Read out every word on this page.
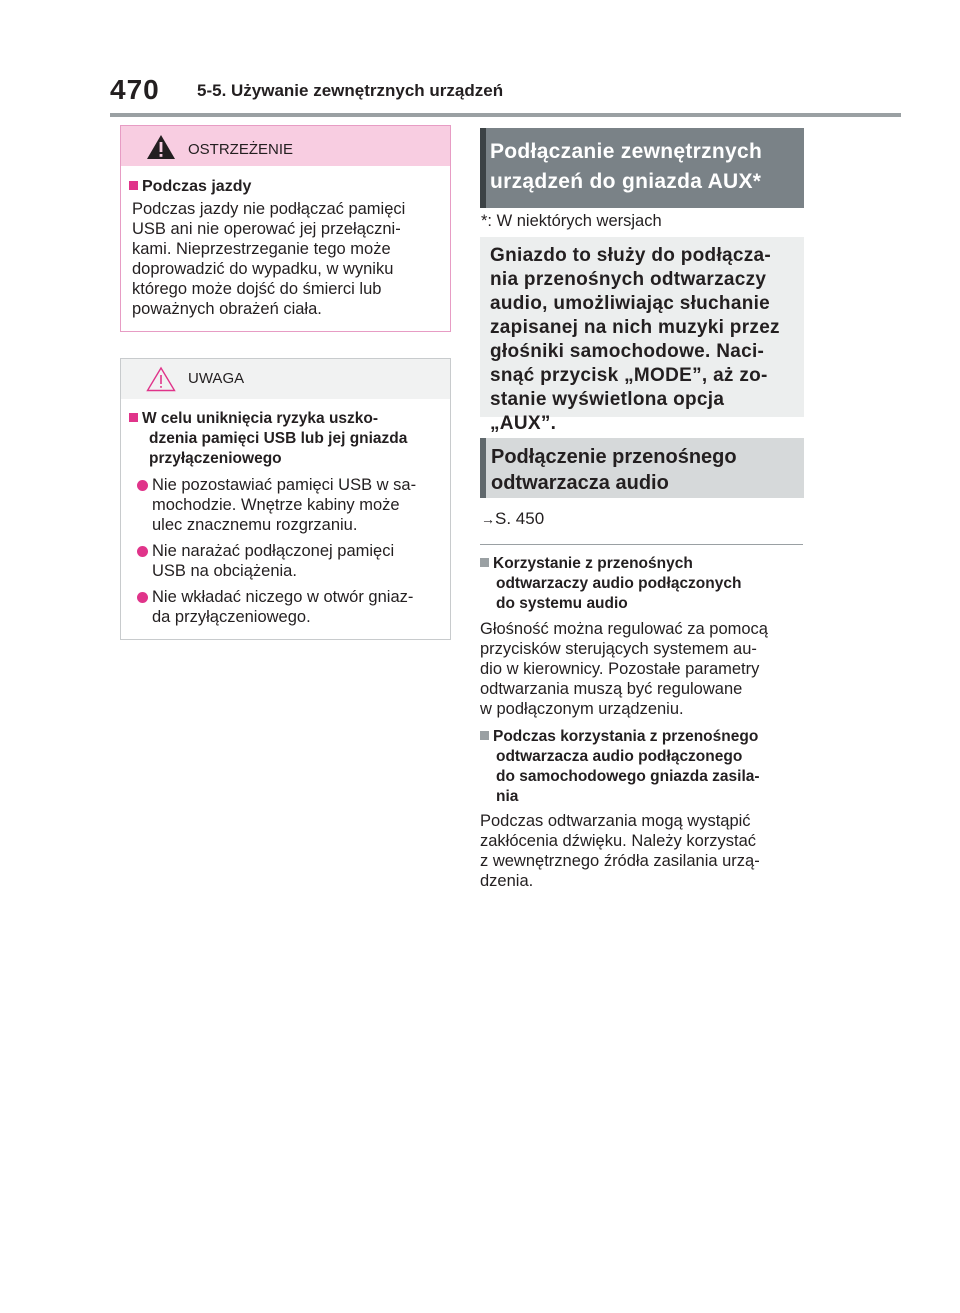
470 5-5. Używanie zewnętrznych urządzeń
OSTRZEŻENIE
Podczas jazdy
Podczas jazdy nie podłączać pamięci
USB ani nie operować jej przełączni-
kami. Nieprzestrzeganie tego może
doprowadzić do wypadku, w wyniku
którego może dojść do śmierci lub
poważnych obrażeń ciała.
UWAGA
W celu uniknięcia ryzyka uszko-
dzenia pamięci USB lub jej gniazda
przyłączeniowego
Nie pozostawiać pamięci USB w sa-
mochodzie. Wnętrze kabiny może
ulec znacznemu rozgrzaniu.
Nie narażać podłączonej pamięci
USB na obciążenia.
Nie wkładać niczego w otwór gniaz-
da przyłączeniowego.
Podłączanie zewnętrznych
urządzeń do gniazda AUX*
*: W niektórych wersjach
Gniazdo to służy do podłącza-
nia przenośnych odtwarzaczy
audio, umożliwiając słuchanie
zapisanej na nich muzyki przez
głośniki samochodowe. Naci-
snąć przycisk „MODE”, aż zo-
stanie wyświetlona opcja „AUX”.
Podłączenie przenośnego
odtwarzacza audio
→S. 450
Korzystanie z przenośnych
odtwarzaczy audio podłączonych
do systemu audio
Głośność można regulować za pomocą
przycisków sterujących systemem au-
dio w kierownicy. Pozostałe parametry
odtwarzania muszą być regulowane
w podłączonym urządzeniu.
Podczas korzystania z przenośnego
odtwarzacza audio podłączonego
do samochodowego gniazda zasila-
nia
Podczas odtwarzania mogą wystąpić
zakłócenia dźwięku. Należy korzystać
z wewnętrznego źródła zasilania urzą-
dzenia.
